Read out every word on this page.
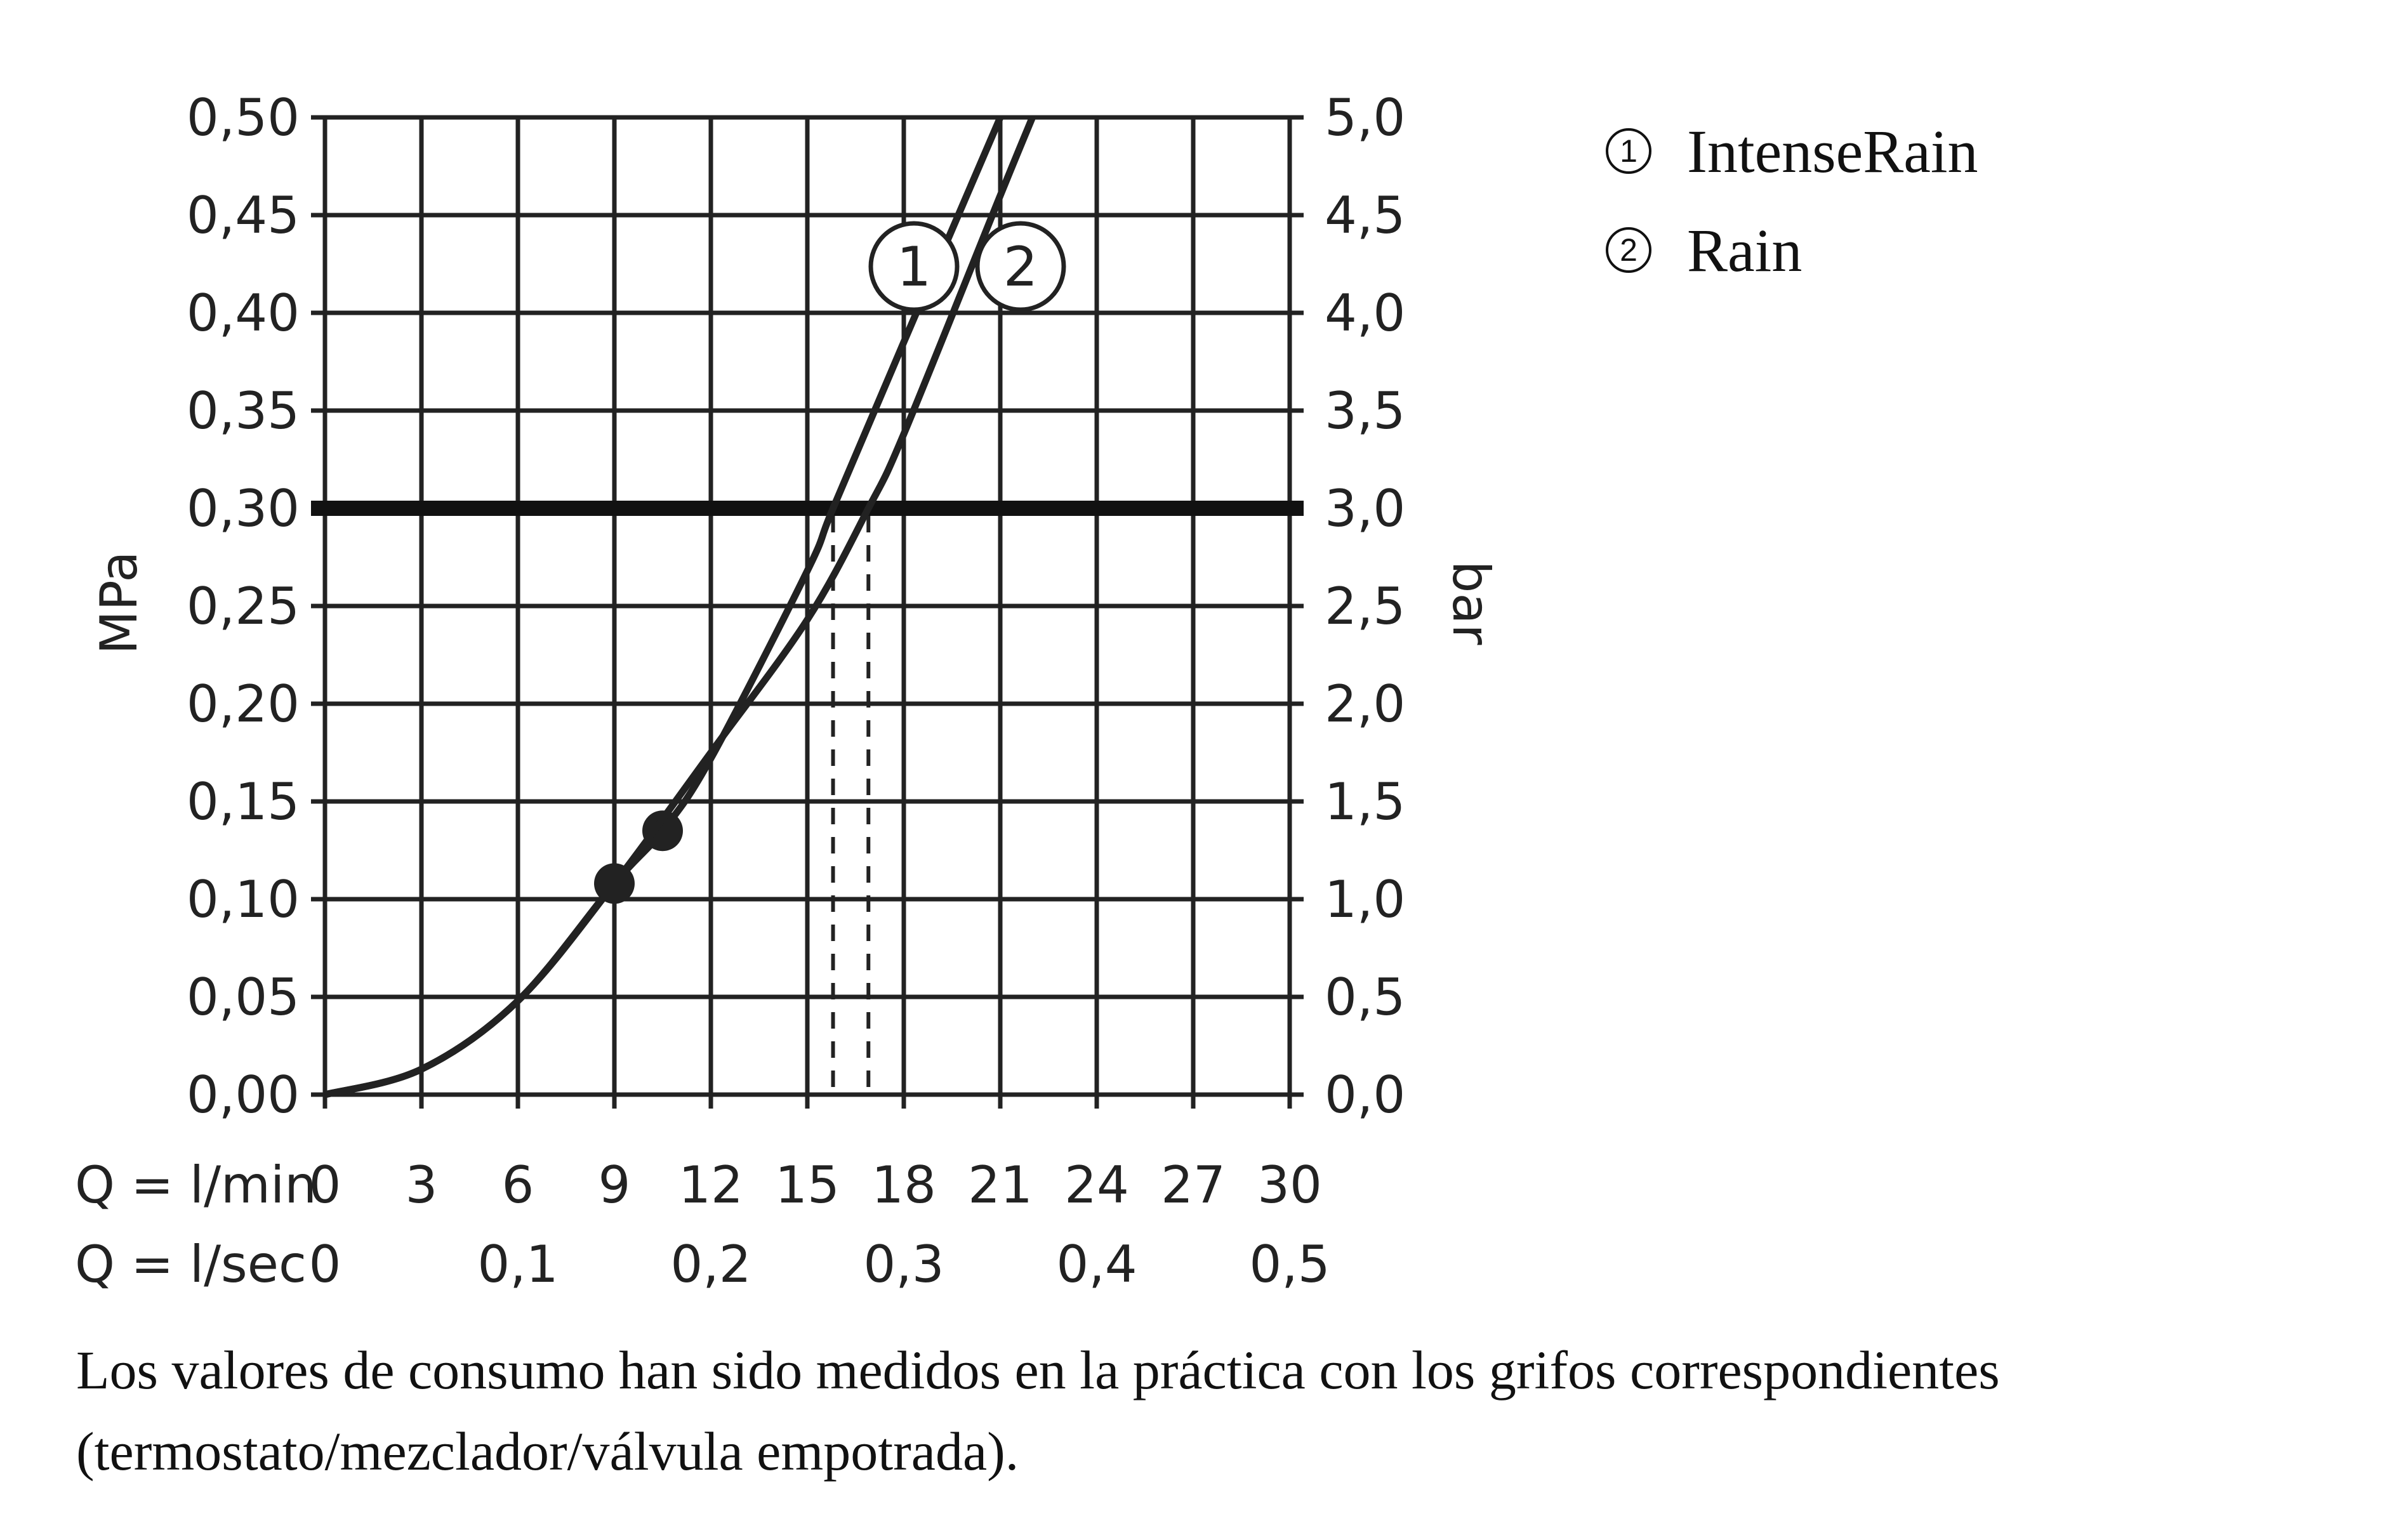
1 2
0 3 6 9 12 15 18 21 24 27 30
0	0,1 0,2 0,3 0,4 0,5
0,00	0,0
0,05	0,5
0,10	1,0
0,15	1,5
0,20	2,0
0,25	2,5
0,30	3,0
0,35	3,5
0,40	4,0
0,45	4,5
0,50	5,0
MPa	bar
Q = l/min
Q = l/sec
1 IntenseRain
2 Rain
Los valores de consumo han sido medidos en la práctica con los grifos correspondientes (termostato/mezclador/válvula empotrada).
